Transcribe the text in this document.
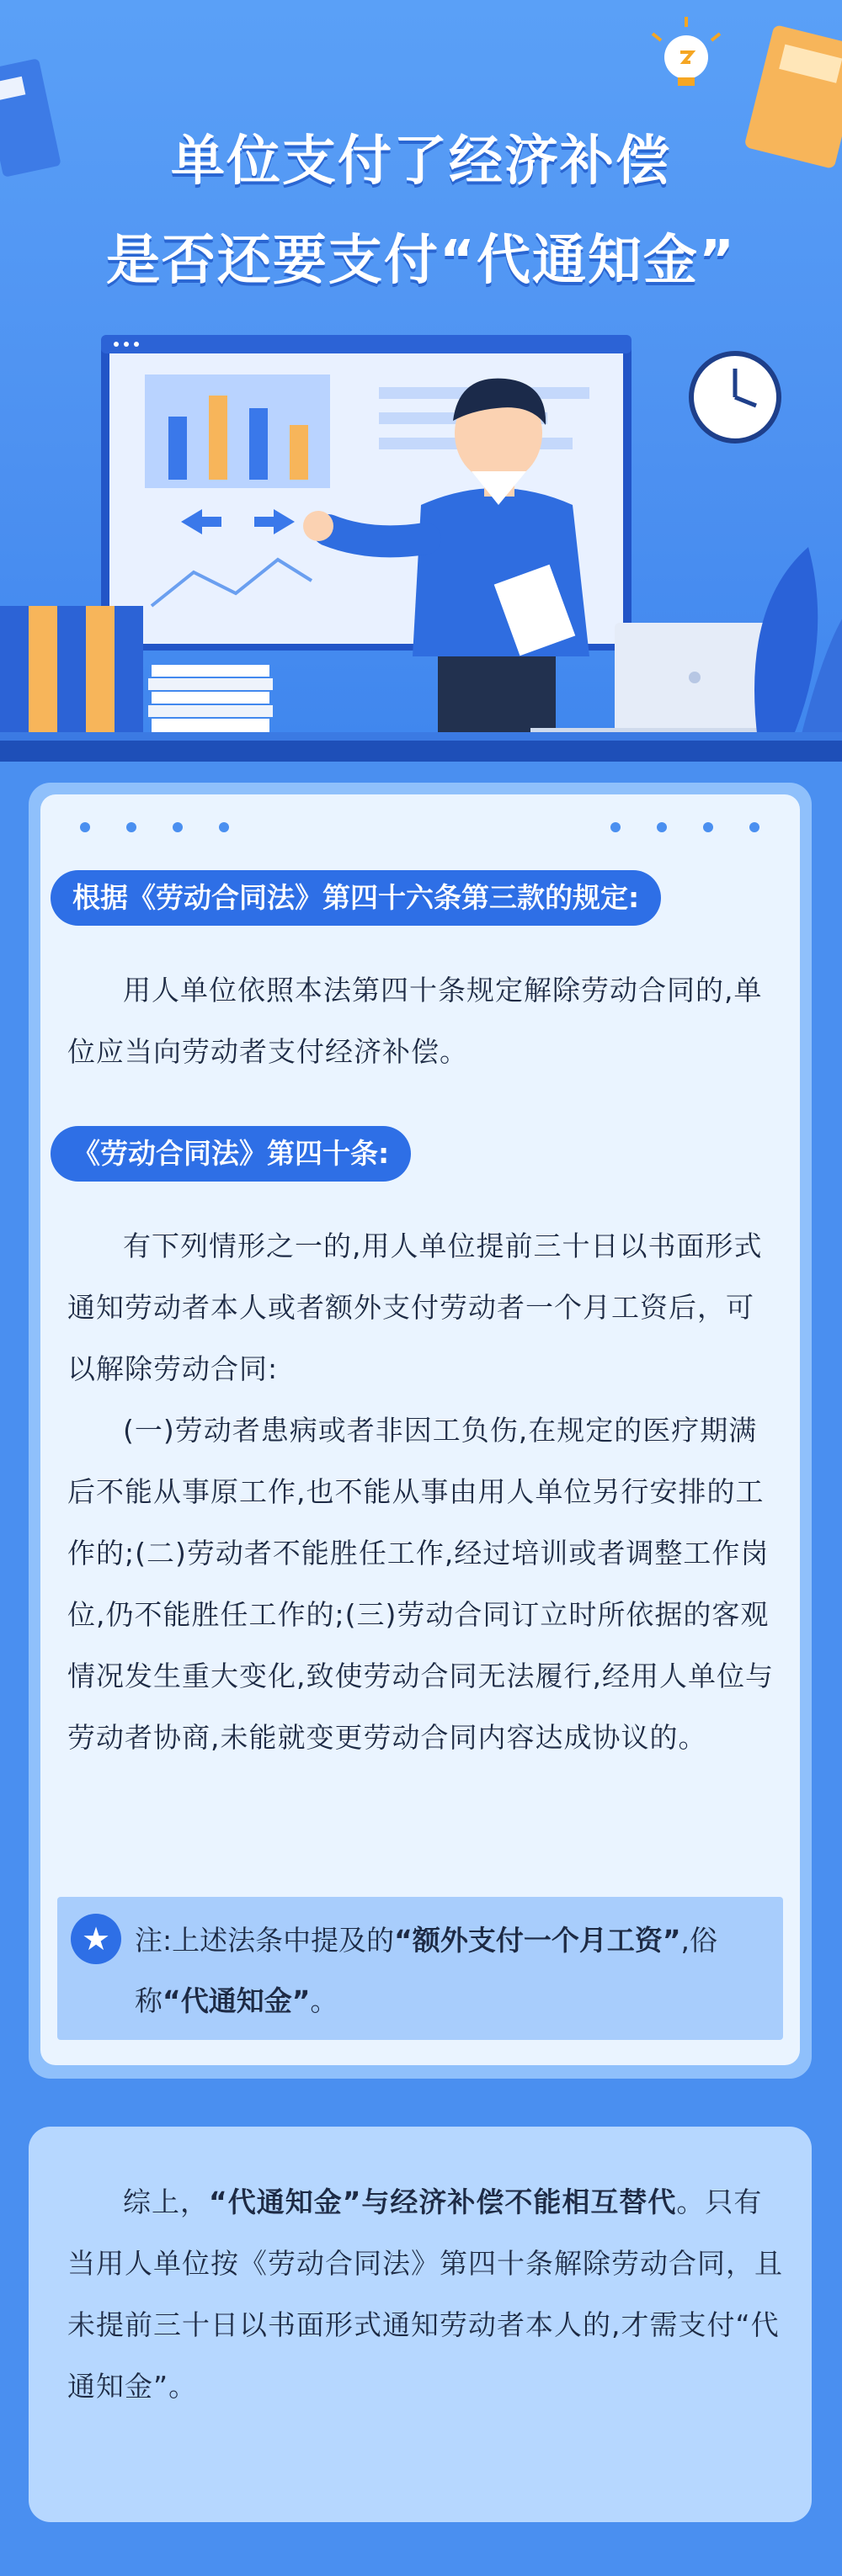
单位支付了经济补偿
是否还要支付“代通知金”
根据《劳动合同法》第四十六条第三款的规定:
用人单位依照本法第四十条规定解除劳动合同的,单位应当向劳动者支付经济补偿。
《劳动合同法》第四十条:
有下列情形之一的,用人单位提前三十日以书面形式通知劳动者本人或者额外支付劳动者一个月工资后，可以解除劳动合同:
(一)劳动者患病或者非因工负伤,在规定的医疗期满后不能从事原工作,也不能从事由用人单位另行安排的工作的;(二)劳动者不能胜任工作,经过培训或者调整工作岗位,仍不能胜任工作的;(三)劳动合同订立时所依据的客观情况发生重大变化,致使劳动合同无法履行,经用人单位与劳动者协商,未能就变更劳动合同内容达成协议的。
★ 注:上述法条中提及的“额外支付一个月工资”,俗称“代通知金”。
综上，“代通知金”与经济补偿不能相互替代。只有当用人单位按《劳动合同法》第四十条解除劳动合同，且未提前三十日以书面形式通知劳动者本人的,才需支付“代通知金”。
